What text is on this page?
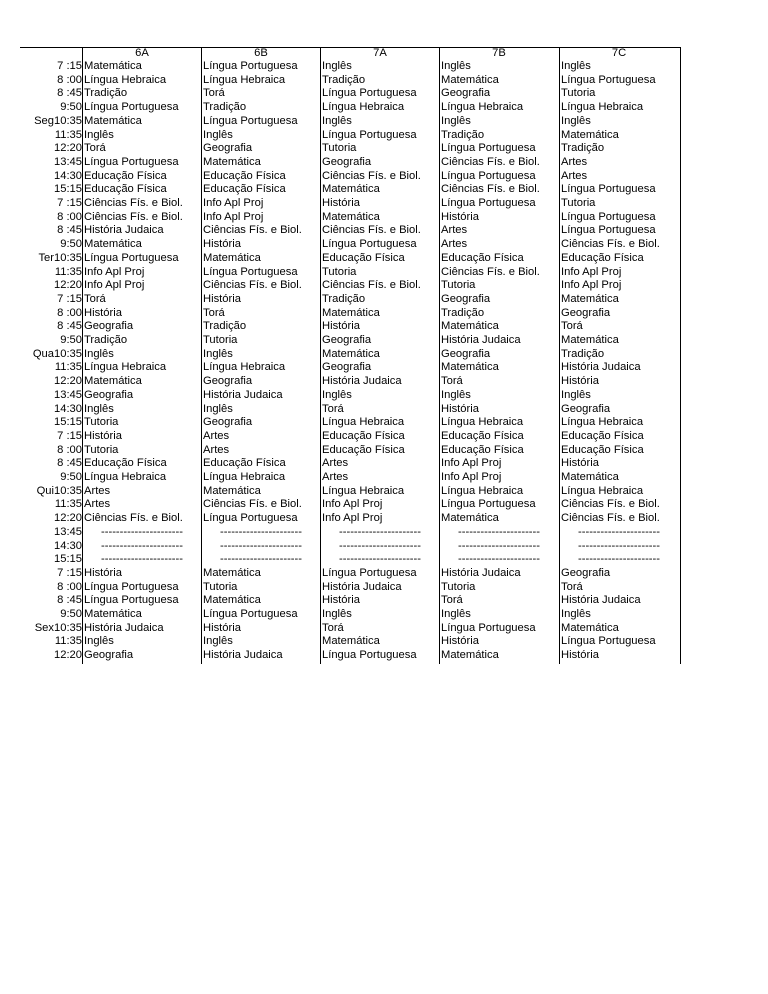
6A	6B	7A	7B	7C
7 :15 Matemática	Língua Portuguesa	Inglês	Inglês	Inglês
8 :00 Língua Hebraica	Língua Hebraica	Tradição	Matemática	Língua Portuguesa
8 :45 Tradição	Torá	Língua Portuguesa	Geografia	Tutoria
9:50 Língua Portuguesa	Tradição	Língua Hebraica	Língua Hebraica	Língua Hebraica
Seg10:35 Matemática	Língua Portuguesa	Inglês	Inglês	Inglês
11:35 Inglês	Inglês	Língua Portuguesa	Tradição	Matemática
12:20 Torá	Geografia	Tutoria	Língua Portuguesa	Tradição
13:45 Língua Portuguesa	Matemática	Geografia	Ciências Fís. e Biol.	Artes
14:30 Educação Física	Educação Física	Ciências Fís. e Biol.	Língua Portuguesa	Artes
15:15 Educação Física	Educação Física	Matemática	Ciências Fís. e Biol.	Língua Portuguesa
7 :15 Ciências Fís. e Biol.	Info Apl Proj	História	Língua Portuguesa	Tutoria
8 :00 Ciências Fís. e Biol.	Info Apl Proj	Matemática	História	Língua Portuguesa
8 :45 História Judaica	Ciências Fís. e Biol.	Ciências Fís. e Biol.	Artes	Língua Portuguesa
9:50 Matemática	História	Língua Portuguesa	Artes	Ciências Fís. e Biol.
Ter10:35 Língua Portuguesa	Matemática	Educação Física	Educação Física	Educação Física
11:35 Info Apl Proj	Língua Portuguesa	Tutoria	Ciências Fís. e Biol.	Info Apl Proj
12:20 Info Apl Proj	Ciências Fís. e Biol.	Ciências Fís. e Biol.	Tutoria	Info Apl Proj
7 :15 Torá	História	Tradição	Geografia	Matemática
8 :00 História	Torá	Matemática	Tradição	Geografia
8 :45 Geografia	Tradição	História	Matemática	Torá
9:50 Tradição	Tutoria	Geografia	História Judaica	Matemática
Qua10:35 Inglês	Inglês	Matemática	Geografia	Tradição
11:35 Língua Hebraica	Língua Hebraica	Geografia	Matemática	História Judaica
12:20 Matemática	Geografia	História Judaica	Torá	História
13:45 Geografia	História Judaica	Inglês	Inglês	Inglês
14:30 Inglês	Inglês	Torá	História	Geografia
15:15 Tutoria	Geografia	Língua Hebraica	Língua Hebraica	Língua Hebraica
7 :15 História	Artes	Educação Física	Educação Física	Educação Física
8 :00 Tutoria	Artes	Educação Física	Educação Física	Educação Física
8 :45 Educação Física	Educação Física	Artes	Info Apl Proj	História
9:50 Língua Hebraica	Língua Hebraica	Artes	Info Apl Proj	Matemática
Qui10:35 Artes	Matemática	Língua Hebraica	Língua Hebraica	Língua Hebraica
11:35 Artes	Ciências Fís. e Biol.	Info Apl Proj	Língua Portuguesa	Ciências Fís. e Biol.
12:20 Ciências Fís. e Biol.	Língua Portuguesa	Info Apl Proj	Matemática	Ciências Fís. e Biol.
13:45	----------------------	----------------------	----------------------	----------------------	----------------------
14:30	----------------------	----------------------	----------------------	----------------------	----------------------
15:15	----------------------	----------------------	----------------------	----------------------	----------------------
7 :15 História	Matemática	Língua Portuguesa	História Judaica	Geografia
8 :00 Língua Portuguesa	Tutoria	História Judaica	Tutoria	Torá
8 :45 Língua Portuguesa	Matemática	História	Torá	História Judaica
9:50 Matemática	Língua Portuguesa	Inglês	Inglês	Inglês
Sex10:35 História Judaica	História	Torá	Língua Portuguesa	Matemática
11:35 Inglês	Inglês	Matemática	História	Língua Portuguesa
12:20 Geografia	História Judaica	Língua Portuguesa	Matemática	História
